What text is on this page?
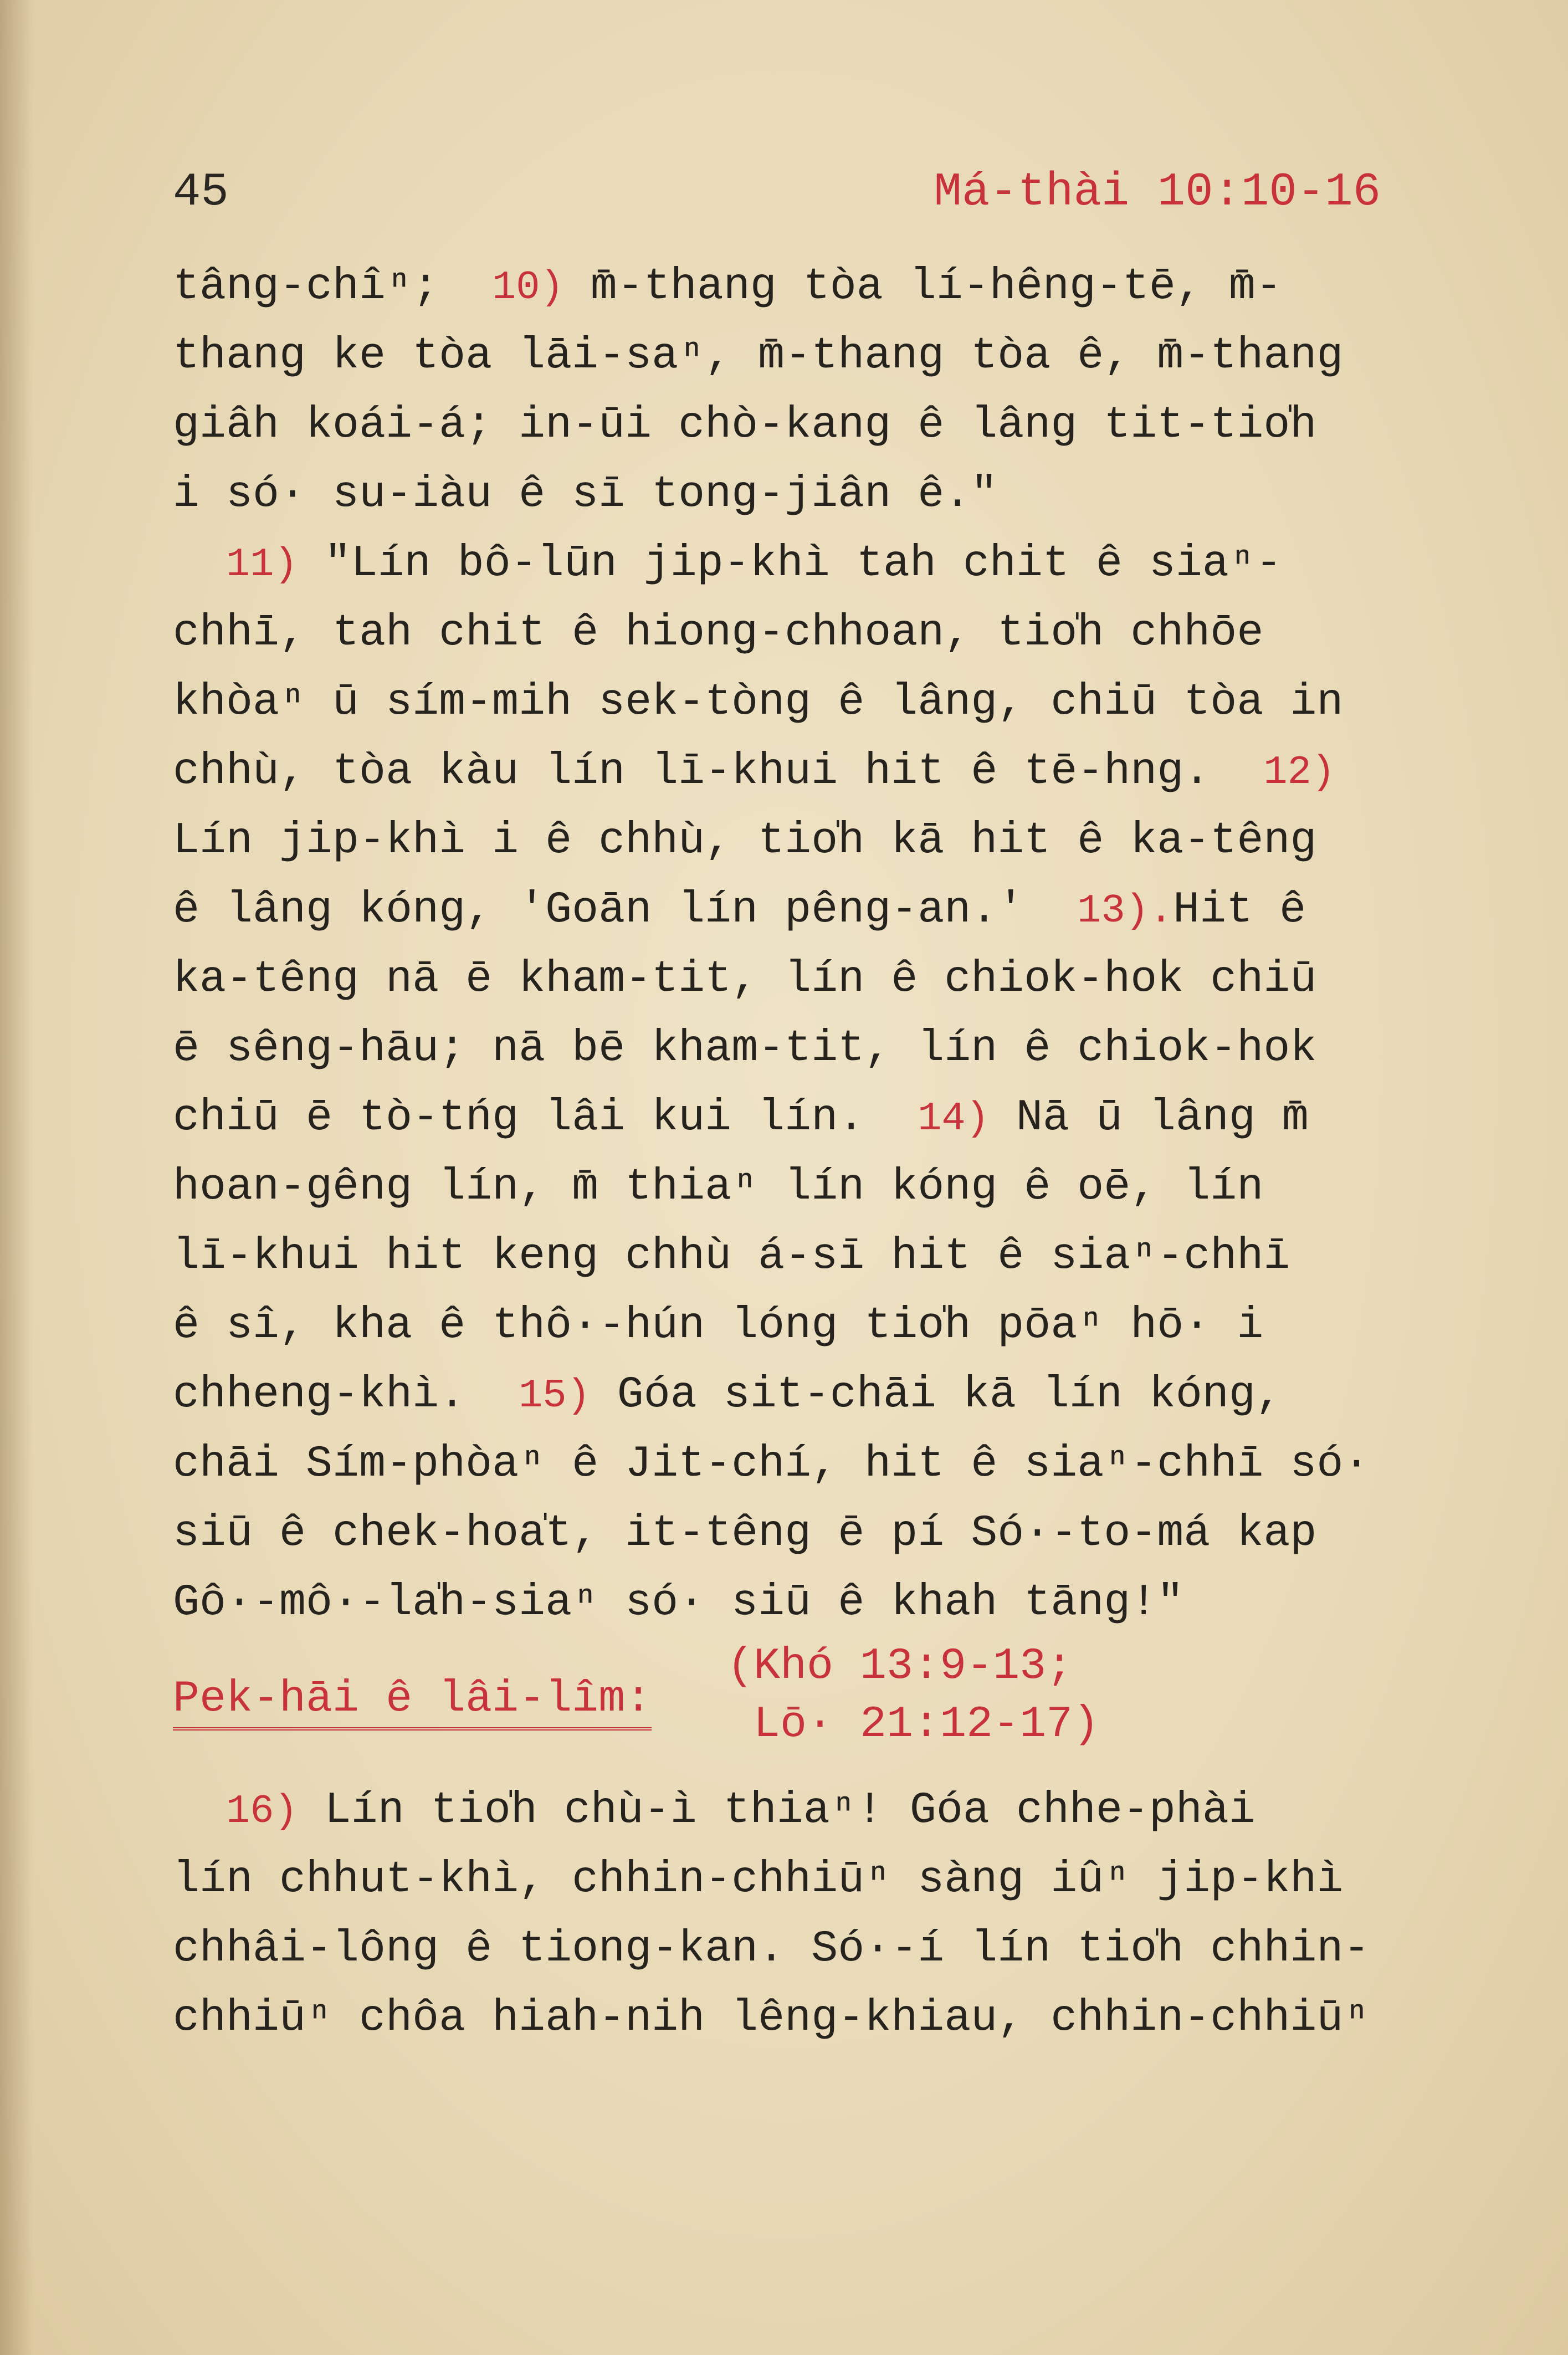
45	Má-thài 10:10-16
tâng-chîⁿ;  10) m̄-thang tòa lí-hêng-tē, m̄-
thang ke tòa lāi-saⁿ, m̄-thang tòa ê, m̄-thang
giâh koái-á; in-ūi chò-kang ê lâng tit-tio̍h
i só· su-iàu ê sī tong-jiân ê."
11) "Lín bô-lūn jip-khì tah chit ê siaⁿ-
chhī, tah chit ê hiong-chhoan, tio̍h chhōe
khòaⁿ ū sím-mih sek-tòng ê lâng, chiū tòa in
chhù, tòa kàu lín lī-khui hit ê tē-hng.  12)
Lín jip-khì i ê chhù, tio̍h kā hit ê ka-têng
ê lâng kóng, 'Goān lín pêng-an.'  13).Hit ê
ka-têng nā ē kham-tit, lín ê chiok-hok chiū
ē sêng-hāu; nā bē kham-tit, lín ê chiok-hok
chiū ē tò-tńg lâi kui lín.  14) Nā ū lâng m̄
hoan-gêng lín, m̄ thiaⁿ lín kóng ê oē, lín
lī-khui hit keng chhù á-sī hit ê siaⁿ-chhī
ê sî, kha ê thô·-hún lóng tio̍h pōaⁿ hō· i
chheng-khì.  15) Góa sit-chāi kā lín kóng,
chāi Sím-phòaⁿ ê Jit-chí, hit ê siaⁿ-chhī só·
siū ê chek-hoa̍t, it-têng ē pí Só·-to-má kap
Gô·-mô·-la̍h-siaⁿ só· siū ê khah tāng!"
Pek-hāi ê lâi-lîm:
(Khó 13:9-13;
Lō· 21:12-17)
16) Lín tio̍h chù-ì thiaⁿ! Góa chhe-phài
lín chhut-khì, chhin-chhiūⁿ sàng iûⁿ jip-khì
chhâi-lông ê tiong-kan. Só·-í lín tio̍h chhin-
chhiūⁿ chôa hiah-nih lêng-khiau, chhin-chhiūⁿ
